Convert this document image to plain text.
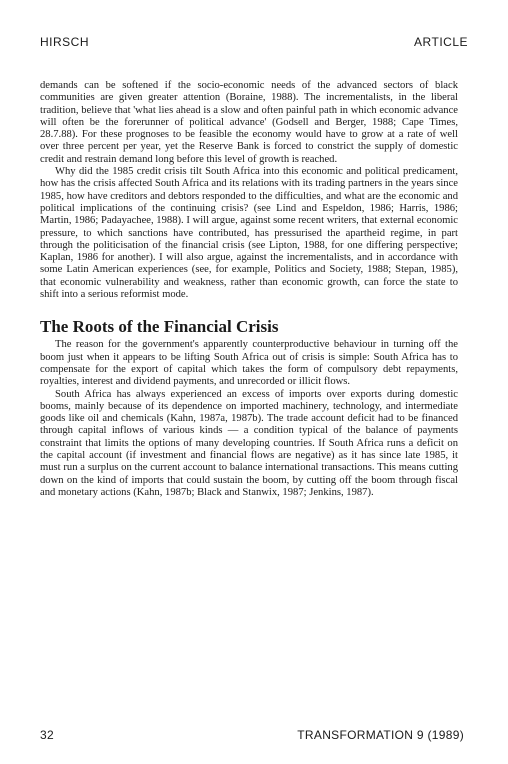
HIRSCH	ARTICLE

demands can be softened if the socio-economic needs of the advanced sectors of black communities are given greater attention (Boraine, 1988). The incrementalists, in the liberal tradition, believe that 'what lies ahead is a slow and often painful path in which economic advance will often be the forerunner of political advance' (Godsell and Berger, 1988; Cape Times, 28.7.88). For these prognoses to be feasible the economy would have to grow at a rate of well over three percent per year, yet the Reserve Bank is forced to constrict the supply of domestic credit and restrain demand long before this level of growth is reached.

Why did the 1985 credit crisis tilt South Africa into this economic and political predicament, how has the crisis affected South Africa and its relations with its trading partners in the years since 1985, how have creditors and debtors responded to the difficulties, and what are the economic and political implications of the continuing crisis? (see Lind and Espeldon, 1986; Harris, 1986; Martin, 1986; Padayachee, 1988). I will argue, against some recent writers, that external economic pressure, to which sanctions have contributed, has pressurised the apartheid regime, in part through the politicisation of the financial crisis (see Lipton, 1988, for one differing perspective; Kaplan, 1986 for another). I will also argue, against the incrementalists, and in accordance with some Latin American experiences (see, for example, Politics and Society, 1988; Stepan, 1985), that economic vulnerability and weakness, rather than economic growth, can force the state to shift into a serious reformist mode.

The Roots of the Financial Crisis

The reason for the government's apparently counterproductive behaviour in turning off the boom just when it appears to be lifting South Africa out of crisis is simple: South Africa has to compensate for the export of capital which takes the form of compulsory debt repayments, royalties, interest and dividend payments, and unrecorded or illicit flows.

South Africa has always experienced an excess of imports over exports during domestic booms, mainly because of its dependence on imported machinery, technology, and intermediate goods like oil and chemicals (Kahn, 1987a, 1987b). The trade account deficit had to be financed through capital inflows of various kinds — a condition typical of the balance of payments constraint that limits the options of many developing countries. If South Africa runs a deficit on the capital account (if investment and financial flows are negative) as it has since late 1985, it must run a surplus on the current account to balance international transactions. This means cutting down on the kind of imports that could sustain the boom, by cutting off the boom through fiscal and monetary actions (Kahn, 1987b; Black and Stanwix, 1987; Jenkins, 1987).

32	TRANSFORMATION 9 (1989)
